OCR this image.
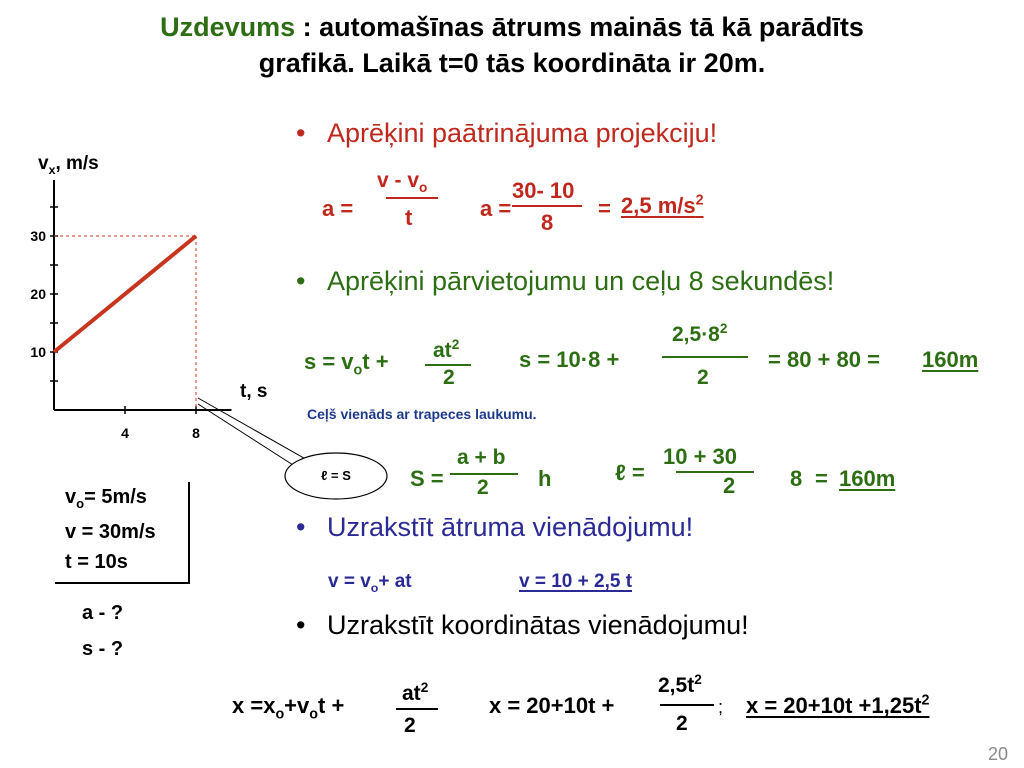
Uzdevums : automašīnas ātrums mainās tā kā parādīts
grafikā. Laikā t=0 tās koordināta ir 20m.
10
20
30
4	8
$v_x$, m/s
t, s
ℓ = S
$v_o= 5m/s$
v = 30m/s
t = 10s
a - ?
s - ?
• Aprēķini paātrinājuma projekciju!
a =
v - $v_o$
t	a =
30- 10
8
= 2,5 $m/s^2$
• Aprēķini pārvietojumu un ceļu 8 sekundēs!
$s = v_ot + at^2$
2
s = 10·8 +
$2,5\cdot 8^2$
2
= 80 + 80 = 160m
Ceļš vienāds ar trapeces laukumu.
S =
a + b
2 h	ℓ =
10 + 30
2 8 = 160m
• Uzrakstīt ātruma vienādojumu!
$v = v_o+$ at	v = 10 + 2,5 t
• Uzrakstīt koordinātas vienādojumu!
$x =x_o+v_ot$ +	$at^2$
2
x = 20+10t +
$2,5t^2$
2
; $x = 20+10t +1,25t^2$
20
